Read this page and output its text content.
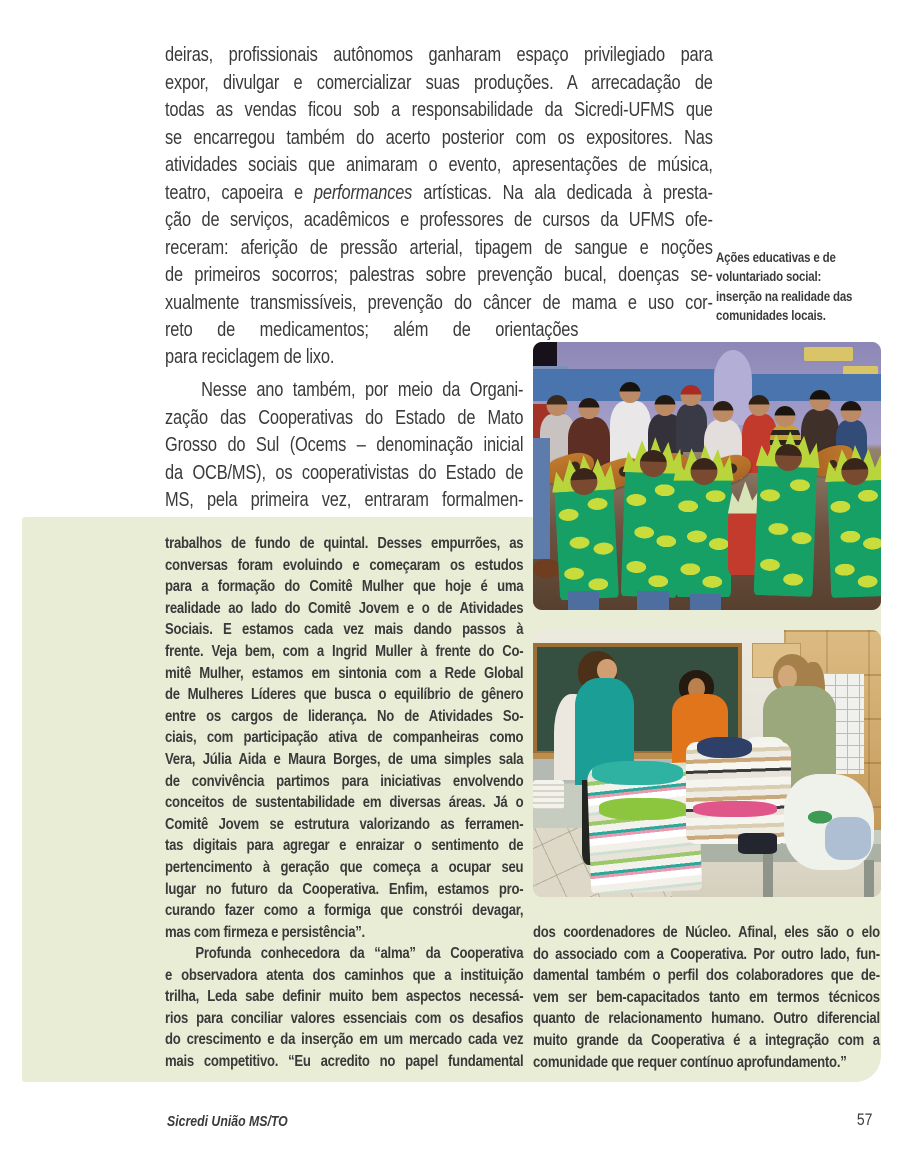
deiras, profissionais autônomos ganharam espaço privilegiado para
expor, divulgar e comercializar suas produções. A arrecadação de
todas as vendas ficou sob a responsabilidade da Sicredi-UFMS que
se encarregou também do acerto posterior com os expositores. Nas
atividades sociais que animaram o evento, apresentações de música,
teatro, capoeira e performances artísticas. Na ala dedicada à presta-
ção de serviços, acadêmicos e professores de cursos da UFMS ofe-
receram: aferição de pressão arterial, tipagem de sangue e noções
de primeiros socorros; palestras sobre prevenção bucal, doenças se-
xualmente transmissíveis, prevenção do câncer de mama e uso cor-
reto de medicamentos; além de orientações
para reciclagem de lixo.
Nesse ano também, por meio da Organi-
zação das Cooperativas do Estado de Mato
Grosso do Sul (Ocems – denominação inicial
da OCB/MS), os cooperativistas do Estado de
MS, pela primeira vez, entraram formalmen-
Ações educativas e de
voluntariado social:
inserção na realidade das
comunidades locais.
trabalhos de fundo de quintal. Desses empurrões, as
conversas foram evoluindo e começaram os estudos
para a formação do Comitê Mulher que hoje é uma
realidade ao lado do Comitê Jovem e o de Atividades
Sociais. E estamos cada vez mais dando passos à
frente. Veja bem, com a Ingrid Muller à frente do Co-
mitê Mulher, estamos em sintonia com a Rede Global
de Mulheres Líderes que busca o equilíbrio de gênero
entre os cargos de liderança. No de Atividades So-
ciais, com participação ativa de companheiras como
Vera, Júlia Aida e Maura Borges, de uma simples sala
de convivência partimos para iniciativas envolvendo
conceitos de sustentabilidade em diversas áreas. Já o
Comitê Jovem se estrutura valorizando as ferramen-
tas digitais para agregar e enraizar o sentimento de
pertencimento à geração que começa a ocupar seu
lugar no futuro da Cooperativa. Enfim, estamos pro-
curando fazer como a formiga que constrói devagar,
mas com firmeza e persistência”.
Profunda conhecedora da “alma” da Cooperativa
e observadora atenta dos caminhos que a instituição
trilha, Leda sabe definir muito bem aspectos necessá-
rios para conciliar valores essenciais com os desafios
do crescimento e da inserção em um mercado cada vez
mais competitivo. “Eu acredito no papel fundamental
dos coordenadores de Núcleo. Afinal, eles são o elo
do associado com a Cooperativa. Por outro lado, fun-
damental também o perfil dos colaboradores que de-
vem ser bem-capacitados tanto em termos técnicos
quanto de relacionamento humano. Outro diferencial
muito grande da Cooperativa é a integração com a
comunidade que requer contínuo aprofundamento.”
Sicredi União MS/TO	57
